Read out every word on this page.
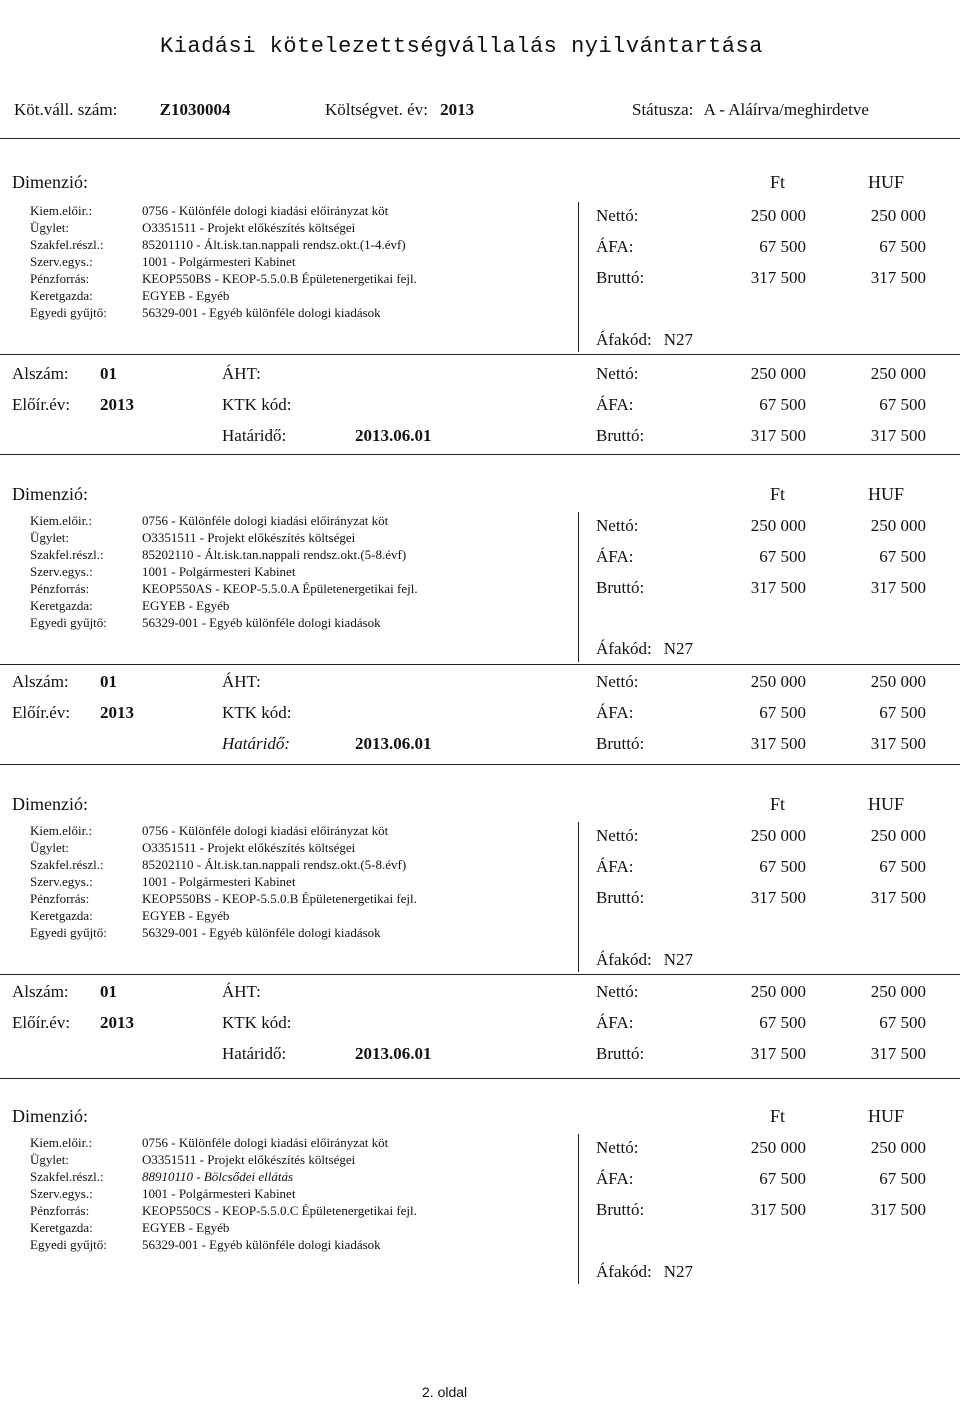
Kiadási kötelezettségvállalás nyilvántartása
Köt.váll. szám: Z1030004	Költségvet. év: 2013	Státusza: A - Aláírva/meghirdetve
Dimenzió:	Ft	HUF
Kiem.előir.:	0756 - Különféle dologi kiadási előirányzat köt
Ügylet:	O3351511 - Projekt előkészítés költségei
Szakfel.részl.:	85201110 - Ált.isk.tan.nappali rendsz.okt.(1-4.évf)
Szerv.egys.:	1001 - Polgármesteri Kabinet
Pénzforrás:	KEOP550BS - KEOP-5.5.0.B Épületenergetikai fejl.
Keretgazda:	EGYEB - Egyéb
Egyedi gyűjtő:	56329-001 - Egyéb különféle dologi kiadások
Nettó:	250 000	250 000
ÁFA:	67 500	67 500
Bruttó:	317 500	317 500
Áfakód: N27
Alszám: 01
Előír.év: 2013
ÁHT:
KTK kód:
Határidő:	2013.06.01
Nettó:	250 000	250 000
ÁFA:	67 500	67 500
Bruttó:	317 500	317 500
Dimenzió:	Ft	HUF
Kiem.előir.:	0756 - Különféle dologi kiadási előirányzat köt
Ügylet:	O3351511 - Projekt előkészítés költségei
Szakfel.részl.:	85202110 - Ált.isk.tan.nappali rendsz.okt.(5-8.évf)
Szerv.egys.:	1001 - Polgármesteri Kabinet
Pénzforrás:	KEOP550AS - KEOP-5.5.0.A Épületenergetikai fejl.
Keretgazda:	EGYEB - Egyéb
Egyedi gyűjtő:	56329-001 - Egyéb különféle dologi kiadások
Nettó:	250 000	250 000
ÁFA:	67 500	67 500
Bruttó:	317 500	317 500
Áfakód: N27
Alszám: 01
Előír.év: 2013
ÁHT:
KTK kód:
Határidő:	2013.06.01
Nettó:	250 000	250 000
ÁFA:	67 500	67 500
Bruttó:	317 500	317 500
Dimenzió:	Ft	HUF
Kiem.előir.:	0756 - Különféle dologi kiadási előirányzat köt
Ügylet:	O3351511 - Projekt előkészítés költségei
Szakfel.részl.:	85202110 - Ált.isk.tan.nappali rendsz.okt.(5-8.évf)
Szerv.egys.:	1001 - Polgármesteri Kabinet
Pénzforrás:	KEOP550BS - KEOP-5.5.0.B Épületenergetikai fejl.
Keretgazda:	EGYEB - Egyéb
Egyedi gyűjtő:	56329-001 - Egyéb különféle dologi kiadások
Nettó:	250 000	250 000
ÁFA:	67 500	67 500
Bruttó:	317 500	317 500
Áfakód: N27
Alszám: 01
Előír.év: 2013
ÁHT:
KTK kód:
Határidő:	2013.06.01
Nettó:	250 000	250 000
ÁFA:	67 500	67 500
Bruttó:	317 500	317 500
Dimenzió:	Ft	HUF
Kiem.előir.:	0756 - Különféle dologi kiadási előirányzat köt
Ügylet:	O3351511 - Projekt előkészítés költségei
Szakfel.részl.:	88910110 - Bölcsődei ellátás
Szerv.egys.:	1001 - Polgármesteri Kabinet
Pénzforrás:	KEOP550CS - KEOP-5.5.0.C Épületenergetikai fejl.
Keretgazda:	EGYEB - Egyéb
Egyedi gyűjtő:	56329-001 - Egyéb különféle dologi kiadások
Nettó:	250 000	250 000
ÁFA:	67 500	67 500
Bruttó:	317 500	317 500
Áfakód: N27
2. oldal
